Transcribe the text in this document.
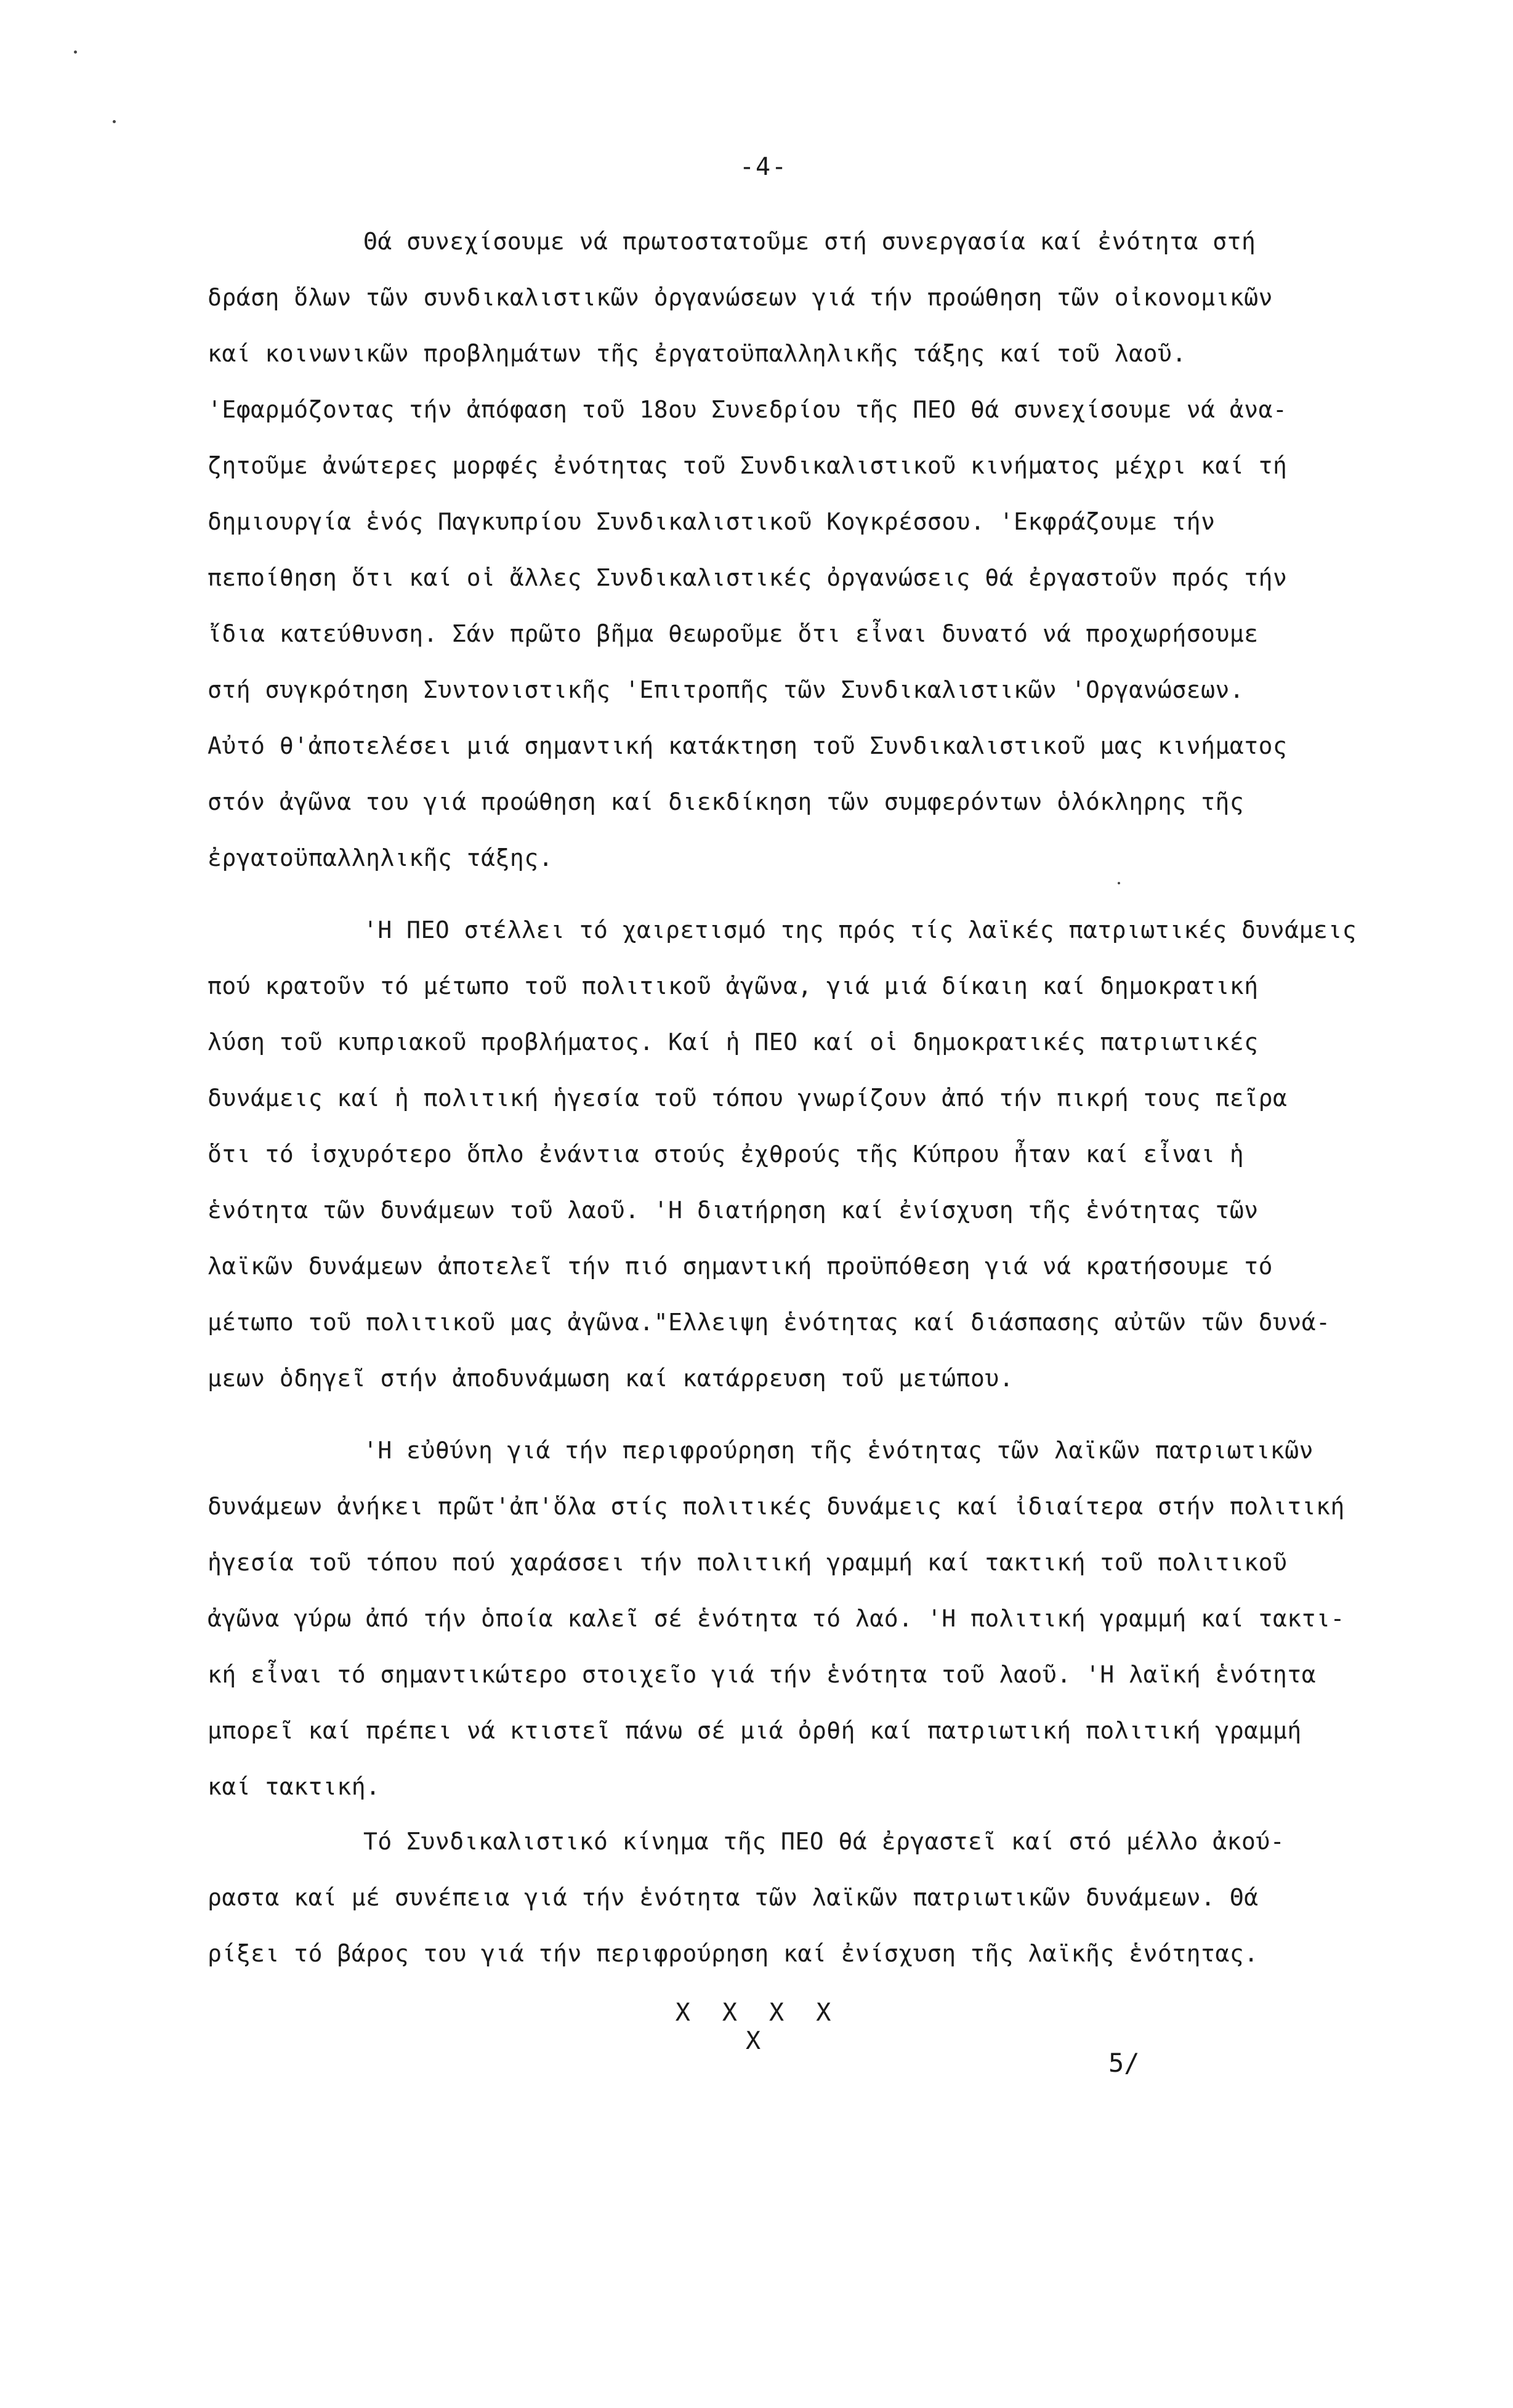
-4-
Θά συνεχίσουμε νά πρωτοστατοῦμε στή συνεργασία καί ἐνότητα στή
δράση ὅλων τῶν συνδικαλιστικῶν ὀργανώσεων γιά τήν προώθηση τῶν οἰκονομικῶν
καί κοινωνικῶν προβλημάτων τῆς ἐργατοϋπαλληλικῆς τάξης καί τοῦ λαοῦ.
'Εφαρμόζοντας τήν ἀπόφαση τοῦ 18ου Συνεδρίου τῆς ΠΕΟ θά συνεχίσουμε νά ἀνα-
ζητοῦμε ἀνώτερες μορφές ἐνότητας τοῦ Συνδικαλιστικοῦ κινήματος μέχρι καί τή
δημιουργία ἑνός Παγκυπρίου Συνδικαλιστικοῦ Κογκρέσσου. 'Εκφράζουμε τήν
πεποίθηση ὅτι καί οἱ ἄλλες Συνδικαλιστικές ὀργανώσεις θά ἐργαστοῦν πρός τήν
ἴδια κατεύθυνση. Σάν πρῶτο βῆμα θεωροῦμε ὅτι εἶναι δυνατό νά προχωρήσουμε
στή συγκρότηση Συντονιστικῆς 'Επιτροπῆς τῶν Συνδικαλιστικῶν 'Οργανώσεων.
Αὐτό θ'ἀποτελέσει μιά σημαντική κατάκτηση τοῦ Συνδικαλιστικοῦ μας κινήματος
στόν ἀγῶνα του γιά προώθηση καί διεκδίκηση τῶν συμφερόντων ὁλόκληρης τῆς
ἐργατοϋπαλληλικῆς τάξης.
'Η ΠΕΟ στέλλει τό χαιρετισμό της πρός τίς λαϊκές πατριωτικές δυνάμεις
πού κρατοῦν τό μέτωπο τοῦ πολιτικοῦ ἀγῶνα, γιά μιά δίκαιη καί δημοκρατική
λύση τοῦ κυπριακοῦ προβλήματος. Καί ἡ ΠΕΟ καί οἱ δημοκρατικές πατριωτικές
δυνάμεις καί ἡ πολιτική ἡγεσία τοῦ τόπου γνωρίζουν ἀπό τήν πικρή τους πεῖρα
ὅτι τό ἰσχυρότερο ὅπλο ἐνάντια στούς ἐχθρούς τῆς Κύπρου ἦταν καί εἶναι ἡ
ἑνότητα τῶν δυνάμεων τοῦ λαοῦ. 'Η διατήρηση καί ἐνίσχυση τῆς ἑνότητας τῶν
λαϊκῶν δυνάμεων ἀποτελεῖ τήν πιό σημαντική προϋπόθεση γιά νά κρατήσουμε τό
μέτωπο τοῦ πολιτικοῦ μας ἀγῶνα."Ελλειψη ἑνότητας καί διάσπασης αὐτῶν τῶν δυνά-
μεων ὁδηγεῖ στήν ἀποδυνάμωση καί κατάρρευση τοῦ μετώπου.
'Η εὐθύνη γιά τήν περιφρούρηση τῆς ἑνότητας τῶν λαϊκῶν πατριωτικῶν
δυνάμεων ἀνήκει πρῶτ'ἀπ'ὅλα στίς πολιτικές δυνάμεις καί ἰδιαίτερα στήν πολιτική
ἡγεσία τοῦ τόπου πού χαράσσει τήν πολιτική γραμμή καί τακτική τοῦ πολιτικοῦ
ἀγῶνα γύρω ἀπό τήν ὁποία καλεῖ σέ ἑνότητα τό λαό. 'Η πολιτική γραμμή καί τακτι-
κή εἶναι τό σημαντικώτερο στοιχεῖο γιά τήν ἑνότητα τοῦ λαοῦ. 'Η λαϊκή ἑνότητα
μπορεῖ καί πρέπει νά κτιστεῖ πάνω σέ μιά ὀρθή καί πατριωτική πολιτική γραμμή
καί τακτική.
Τό Συνδικαλιστικό κίνημα τῆς ΠΕΟ θά ἐργαστεῖ καί στό μέλλο ἀκού-
ραστα καί μέ συνέπεια γιά τήν ἑνότητα τῶν λαϊκῶν πατριωτικῶν δυνάμεων. Θά
ρίξει τό βάρος του γιά τήν περιφρούρηση καί ἐνίσχυση τῆς λαϊκῆς ἑνότητας.
X X X X X
5/
